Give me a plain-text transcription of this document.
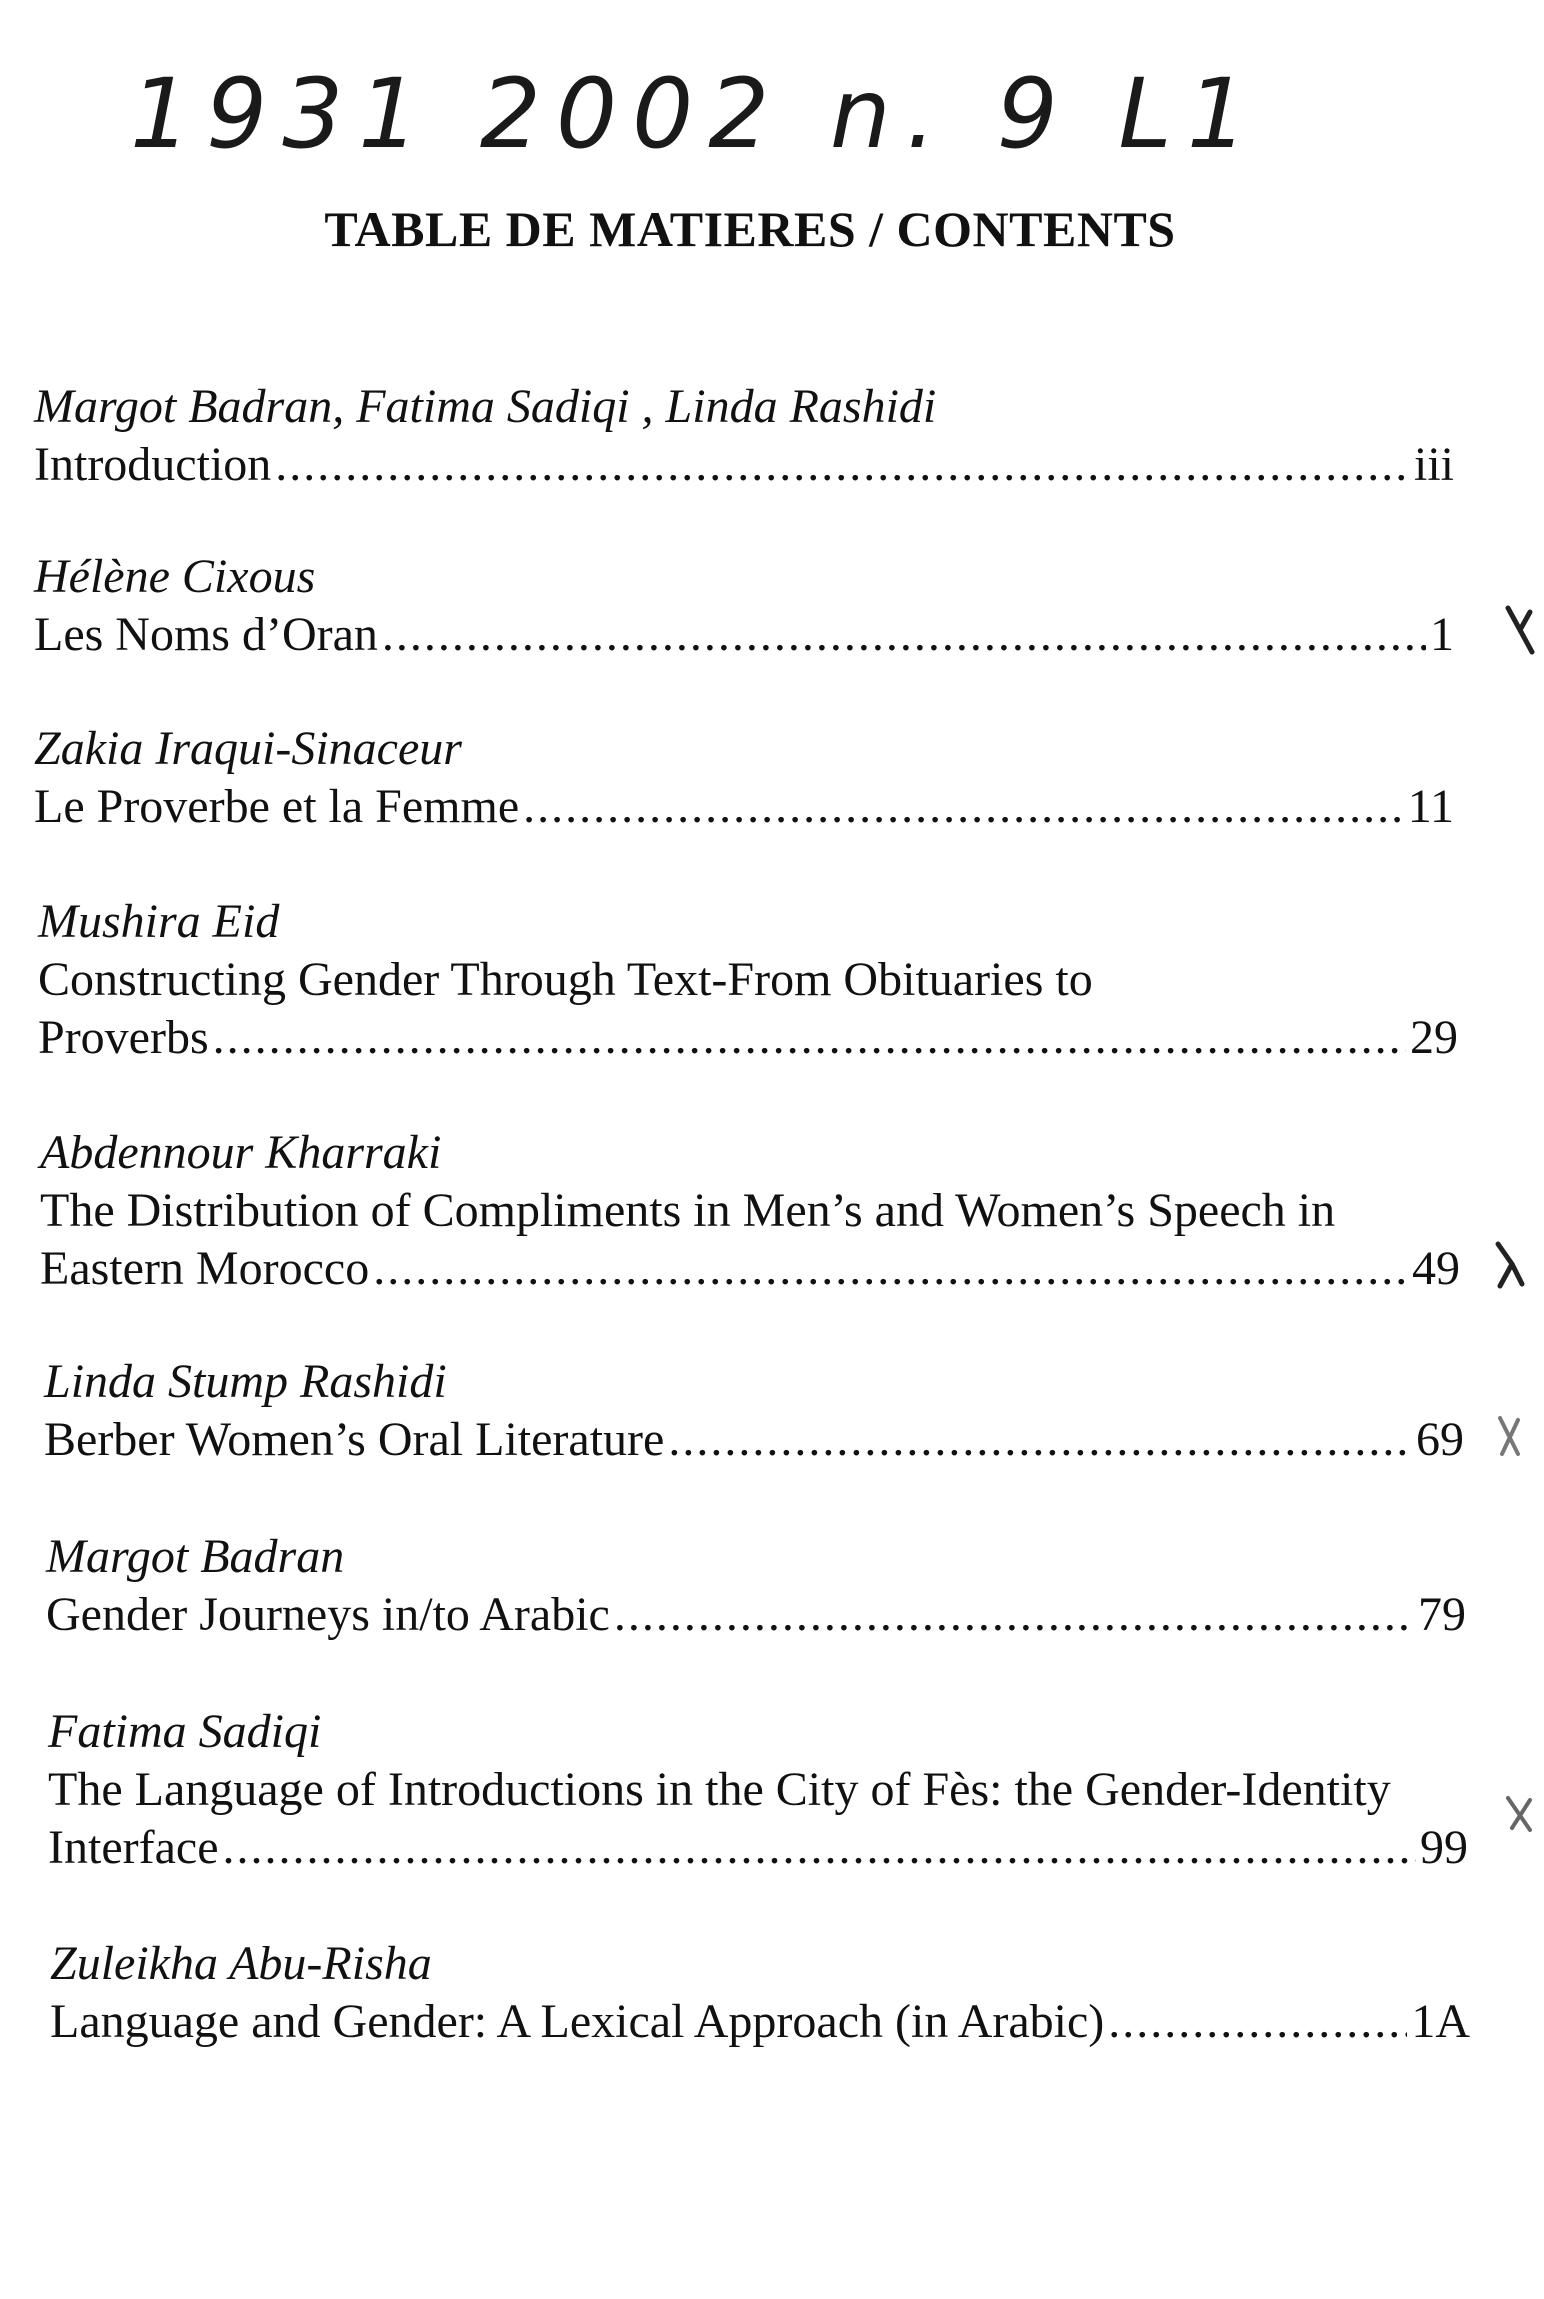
1931 2002 n. 9 L1
TABLE DE MATIERES / CONTENTS
Margot Badran, Fatima Sadiqi , Linda Rashidi
Introduction .....	iii
Hélène Cixous
Les Noms d’Oran .....	1
Zakia Iraqui-Sinaceur
Le Proverbe et la Femme .....	11
Mushira Eid
Constructing Gender Through Text-From Obituaries to
Proverbs .....	29
Abdennour Kharraki
The Distribution of Compliments in Men’s and Women’s Speech in
Eastern Morocco .....	49
Linda Stump Rashidi
Berber Women’s Oral Literature .....	69
Margot Badran
Gender Journeys in/to Arabic .....	79
Fatima Sadiqi
The Language of Introductions in the City of Fès: the Gender-Identity
Interface .....	99
Zuleikha Abu-Risha
Language and Gender: A Lexical Approach (in Arabic) .....	1A
